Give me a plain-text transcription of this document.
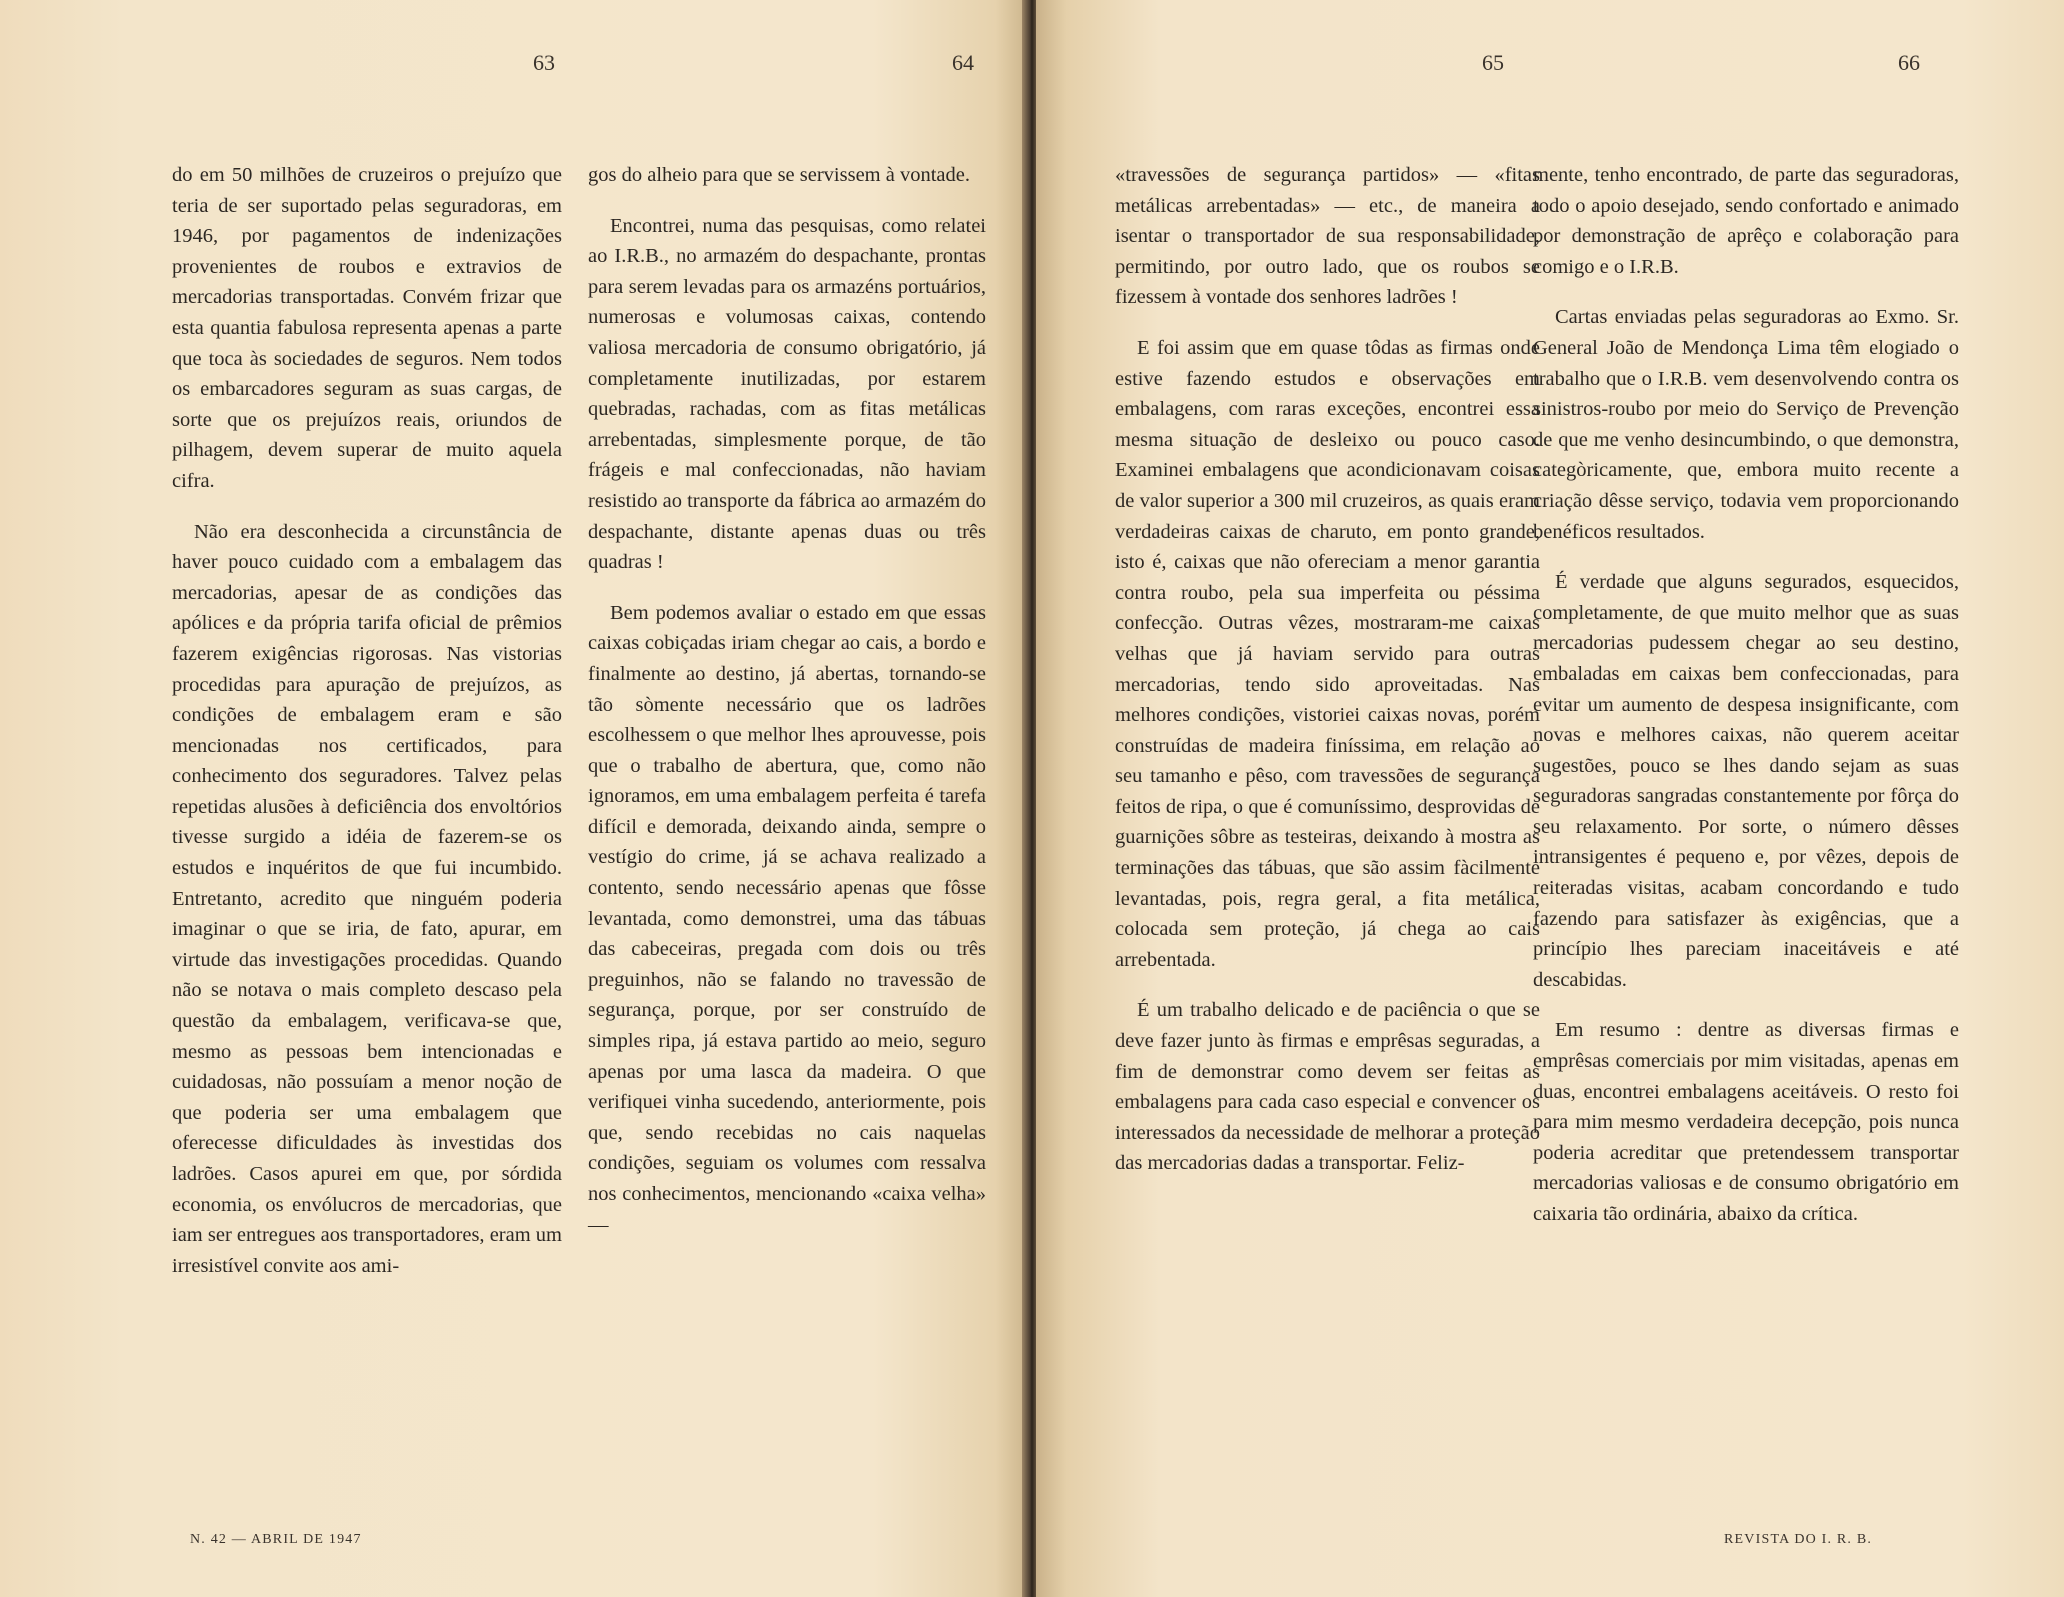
63	64

do em 50 milhões de cruzeiros o prejuízo que teria de ser suportado pelas seguradoras, em 1946, por pagamentos de indenizações provenientes de roubos e extravios de mercadorias transportadas. Convém frizar que esta quantia fabulosa representa apenas a parte que toca às sociedades de seguros. Nem todos os embarcadores seguram as suas cargas, de sorte que os prejuízos reais, oriundos de pilhagem, devem superar de muito aquela cifra.

Não era desconhecida a circunstância de haver pouco cuidado com a embalagem das mercadorias, apesar de as condições das apólices e da própria tarifa oficial de prêmios fazerem exigências rigorosas. Nas vistorias procedidas para apuração de prejuízos, as condições de embalagem eram e são mencionadas nos certificados, para conhecimento dos seguradores. Talvez pelas repetidas alusões à deficiência dos envoltórios tivesse surgido a idéia de fazerem-se os estudos e inquéritos de que fui incumbido. Entretanto, acredito que ninguém poderia imaginar o que se iria, de fato, apurar, em virtude das investigações procedidas. Quando não se notava o mais completo descaso pela questão da embalagem, verificava-se que, mesmo as pessoas bem intencionadas e cuidadosas, não possuíam a menor noção de que poderia ser uma embalagem que oferecesse dificuldades às investidas dos ladrões. Casos apurei em que, por sórdida economia, os envólucros de mercadorias, que iam ser entregues aos transportadores, eram um irresistível convite aos ami-

gos do alheio para que se servissem à vontade.

Encontrei, numa das pesquisas, como relatei ao I.R.B., no armazém do despachante, prontas para serem levadas para os armazéns portuários, numerosas e volumosas caixas, contendo valiosa mercadoria de consumo obrigatório, já completamente inutilizadas, por estarem quebradas, rachadas, com as fitas metálicas arrebentadas, simplesmente porque, de tão frágeis e mal confeccionadas, não haviam resistido ao transporte da fábrica ao armazém do despachante, distante apenas duas ou três quadras !

Bem podemos avaliar o estado em que essas caixas cobiçadas iriam chegar ao cais, a bordo e finalmente ao destino, já abertas, tornando-se tão sòmente necessário que os ladrões escolhessem o que melhor lhes aprouvesse, pois que o trabalho de abertura, que, como não ignoramos, em uma embalagem perfeita é tarefa difícil e demorada, deixando ainda, sempre o vestígio do crime, já se achava realizado a contento, sendo necessário apenas que fôsse levantada, como demonstrei, uma das tábuas das cabeceiras, pregada com dois ou três preguinhos, não se falando no travessão de segurança, porque, por ser construído de simples ripa, já estava partido ao meio, seguro apenas por uma lasca da madeira. O que verifiquei vinha sucedendo, anteriormente, pois que, sendo recebidas no cais naquelas condições, seguiam os volumes com ressalva nos conhecimentos, mencionando «caixa velha» —

N. 42 — ABRIL DE 1947
65	66

«travessões de segurança partidos» — «fitas metálicas arrebentadas» — etc., de maneira a isentar o transportador de sua responsabilidade, permitindo, por outro lado, que os roubos se fizessem à vontade dos senhores ladrões !

E foi assim que em quase tôdas as firmas onde estive fazendo estudos e observações em embalagens, com raras exceções, encontrei essa mesma situação de desleixo ou pouco caso. Examinei embalagens que acondicionavam coisas de valor superior a 300 mil cruzeiros, as quais eram verdadeiras caixas de charuto, em ponto grande, isto é, caixas que não ofereciam a menor garantia contra roubo, pela sua imperfeita ou péssima confecção. Outras vêzes, mostraram-me caixas velhas que já haviam servido para outras mercadorias, tendo sido aproveitadas. Nas melhores condições, vistoriei caixas novas, porém construídas de madeira finíssima, em relação ao seu tamanho e pêso, com travessões de segurança feitos de ripa, o que é comuníssimo, desprovidas de guarnições sôbre as testeiras, deixando à mostra as terminações das tábuas, que são assim fàcilmente levantadas, pois, regra geral, a fita metálica, colocada sem proteção, já chega ao cais arrebentada.

É um trabalho delicado e de paciência o que se deve fazer junto às firmas e emprêsas seguradas, a fim de demonstrar como devem ser feitas as embalagens para cada caso especial e convencer os interessados da necessidade de melhorar a proteção das mercadorias dadas a transportar. Feliz-

mente, tenho encontrado, de parte das seguradoras, todo o apoio desejado, sendo confortado e animado por demonstração de aprêço e colaboração para comigo e o I.R.B.

Cartas enviadas pelas seguradoras ao Exmo. Sr. General João de Mendonça Lima têm elogiado o trabalho que o I.R.B. vem desenvolvendo contra os sinistros-roubo por meio do Serviço de Prevenção de que me venho desincumbindo, o que demonstra, categòricamente, que, embora muito recente a criação dêsse serviço, todavia vem proporcionando benéficos resultados.

É verdade que alguns segurados, esquecidos, completamente, de que muito melhor que as suas mercadorias pudessem chegar ao seu destino, embaladas em caixas bem confeccionadas, para evitar um aumento de despesa insignificante, com novas e melhores caixas, não querem aceitar sugestões, pouco se lhes dando sejam as suas seguradoras sangradas constantemente por fôrça do seu relaxamento. Por sorte, o número dêsses intransigentes é pequeno e, por vêzes, depois de reiteradas visitas, acabam concordando e tudo fazendo para satisfazer às exigências, que a princípio lhes pareciam inaceitáveis e até descabidas.

Em resumo : dentre as diversas firmas e emprêsas comerciais por mim visitadas, apenas em duas, encontrei embalagens aceitáveis. O resto foi para mim mesmo verdadeira decepção, pois nunca poderia acreditar que pretendessem transportar mercadorias valiosas e de consumo obrigatório em caixaria tão ordinária, abaixo da crítica.

REVISTA DO I. R. B.
